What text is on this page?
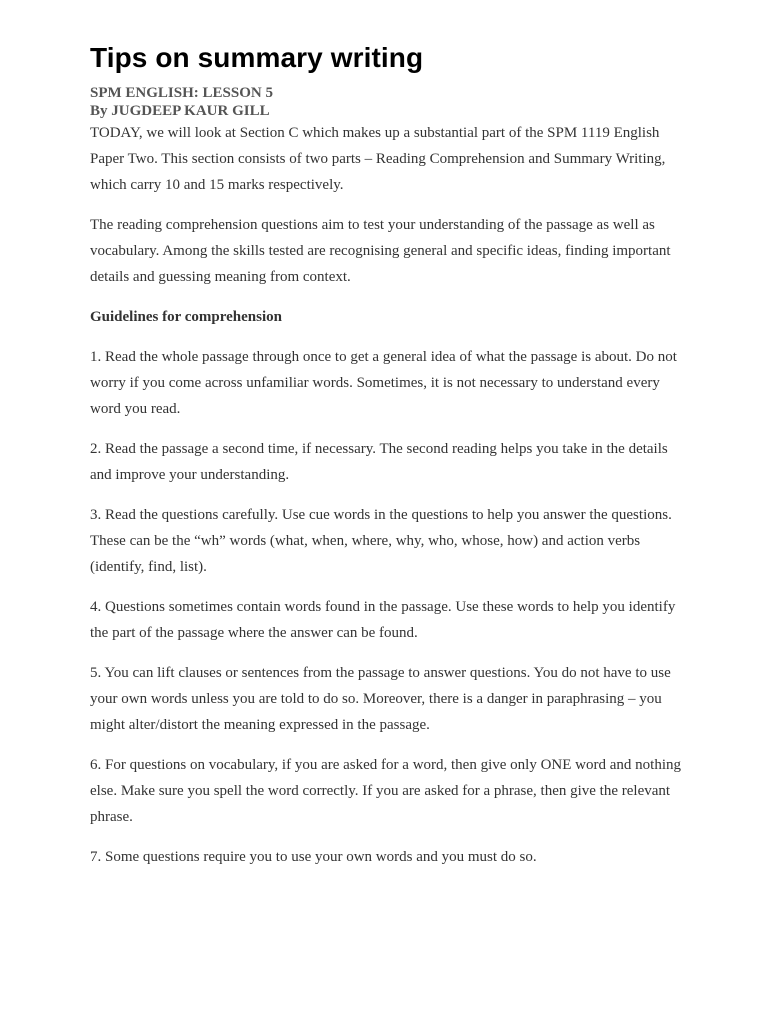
Tips on summary writing
SPM ENGLISH: LESSON 5
By JUGDEEP KAUR GILL

TODAY, we will look at Section C which makes up a substantial part of the SPM 1119 English Paper Two. This section consists of two parts – Reading Comprehension and Summary Writing, which carry 10 and 15 marks respectively.

The reading comprehension questions aim to test your understanding of the passage as well as vocabulary. Among the skills tested are recognising general and specific ideas, finding important details and guessing meaning from context.

Guidelines for comprehension

1. Read the whole passage through once to get a general idea of what the passage is about. Do not worry if you come across unfamiliar words. Sometimes, it is not necessary to understand every word you read.

2. Read the passage a second time, if necessary. The second reading helps you take in the details and improve your understanding.

3. Read the questions carefully. Use cue words in the questions to help you answer the questions. These can be the “wh” words (what, when, where, why, who, whose, how) and action verbs (identify, find, list).

4. Questions sometimes contain words found in the passage. Use these words to help you identify the part of the passage where the answer can be found.

5. You can lift clauses or sentences from the passage to answer questions. You do not have to use your own words unless you are told to do so. Moreover, there is a danger in paraphrasing – you might alter/distort the meaning expressed in the passage.

6. For questions on vocabulary, if you are asked for a word, then give only ONE word and nothing else. Make sure you spell the word correctly. If you are asked for a phrase, then give the relevant phrase.

7. Some questions require you to use your own words and you must do so.
